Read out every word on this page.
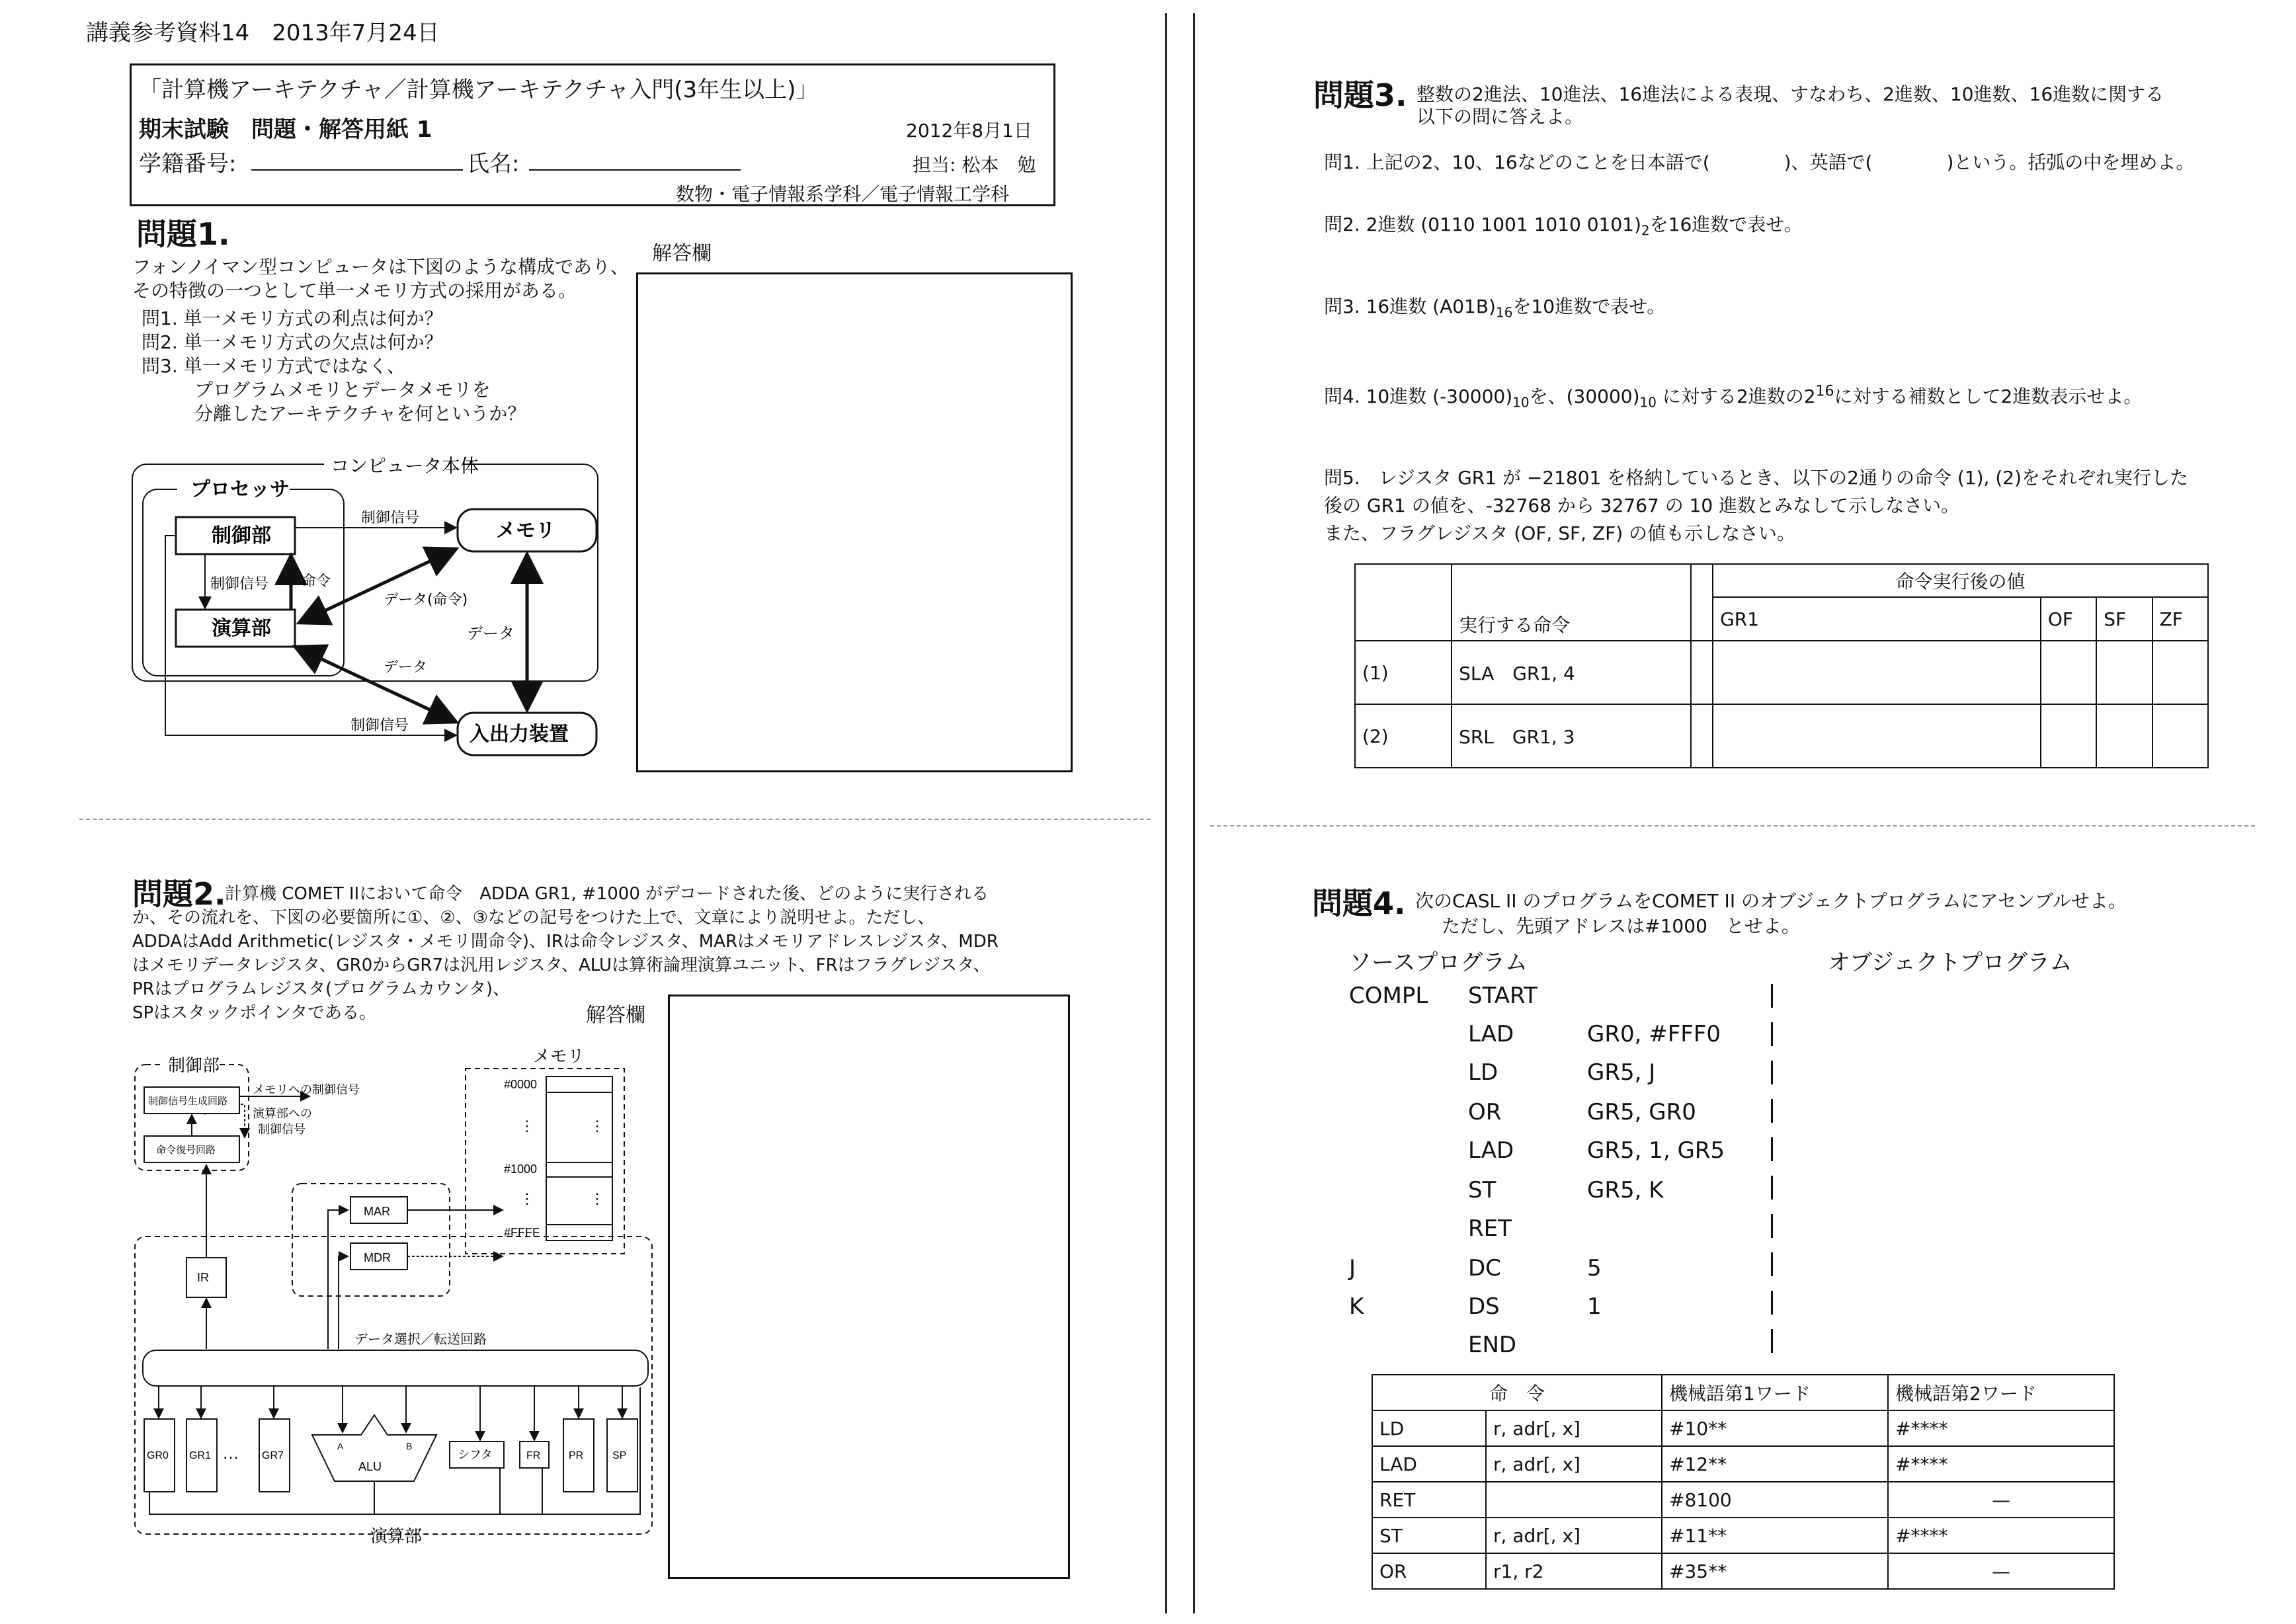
講義参考資料14　2013年7月24日
「計算機アーキテクチャ／計算機アーキテクチャ入門(3年生以上)」
期末試験　問題・解答用紙 1	2012年8月1日
学籍番号:	氏名:	担当: 松本　勉
数物・電子情報系学科／電子情報工学科
問題1.
フォンノイマン型コンピュータは下図のような構成であり、
その特徴の一つとして単一メモリ方式の採用がある。
問1. 単一メモリ方式の利点は何か？
問2. 単一メモリ方式の欠点は何か？
問3. 単一メモリ方式ではなく、
プログラムメモリとデータメモリを
分離したアーキテクチャを何というか？
解答欄
コンピュータ本体
プロセッサ
制御部
演算部
メモリ
入出力装置
制御信号
制御信号 命令
データ(命令)
データ
データ
制御信号
問題2.
計算機 COMET IIにおいて命令　ADDA GR1, #1000 がデコードされた後、どのように実行される
か、その流れを、下図の必要箇所に①、②、③などの記号をつけた上で、文章により説明せよ。ただし、
ADDAはAdd Arithmetic(レジスタ・メモリ間命令)、IRは命令レジスタ、MARはメモリアドレスレジスタ、MDR
はメモリデータレジスタ、GR0からGR7は汎用レジスタ、ALUは算術論理演算ユニット、FRはフラグレジスタ、
PRはプログラムレジスタ(プログラムカウンタ)、
SPはスタックポインタである。	解答欄
制御部
制御信号生成回路
命令復号回路
メモリへの制御信号
演算部への
制御信号
メモリ
#0000
#1000
#FFFF
⋮	⋮
⋮	⋮
MAR
MDR
IR
データ選択／転送回路
GR0 GR1 … GR7
A	B
ALU
シフタ	FR	PR	SP
演算部
問題3. 整数の2進法、10進法、16進法による表現、すなわち、2進数、10進数、16進数に関する
以下の問に答えよ。
問1. 上記の2、10、16などのことを日本語で(　　　　)、英語で(　　　　)という。括弧の中を埋めよ。
問2. 2進数 (0110 1001 1010 $0101)_2$を16進数で表せ。
問3. 16進数 $(A01B)_{16}$を10進数で表せ。
問4. 10進数 $(-30000)_{10}$を、$(30000)_{10}$ に対する2進数の$2^{16}$に対する補数として2進数表示せよ。
問5.　レジスタ GR1 が −21801 を格納しているとき、以下の2通りの命令 (1), (2)をそれぞれ実行した
後の GR1 の値を、-32768 から 32767 の 10 進数とみなして示しなさい。
また、フラグレジスタ (OF, SF, ZF) の値も示しなさい。
	実行する命令		命令実行後の値			
			GR1	OF	SF	ZF
(1)	SLA　GR1, 4					
(2)	SRL　GR1, 3					
問題4. 次のCASL II のプログラムをCOMET II のオブジェクトプログラムにアセンブルせよ。
ただし、先頭アドレスは#1000　とせよ。
ソースプログラム	オブジェクトプログラム
COMPL START
LAD	GR0, #FFF0
LD	GR5, J
OR	GR5, GR0
LAD	GR5, 1, GR5
ST	GR5, K
RET
J	DC	5
K	DS	1
END
命　令		機械語第1ワード	機械語第2ワード
LD	r, adr[, x]	#10**	#****
LAD	r, adr[, x]	#12**	#****
RET		#8100	—
ST	r, adr[, x]	#11**	#****
OR	r1, r2	#35**	—
